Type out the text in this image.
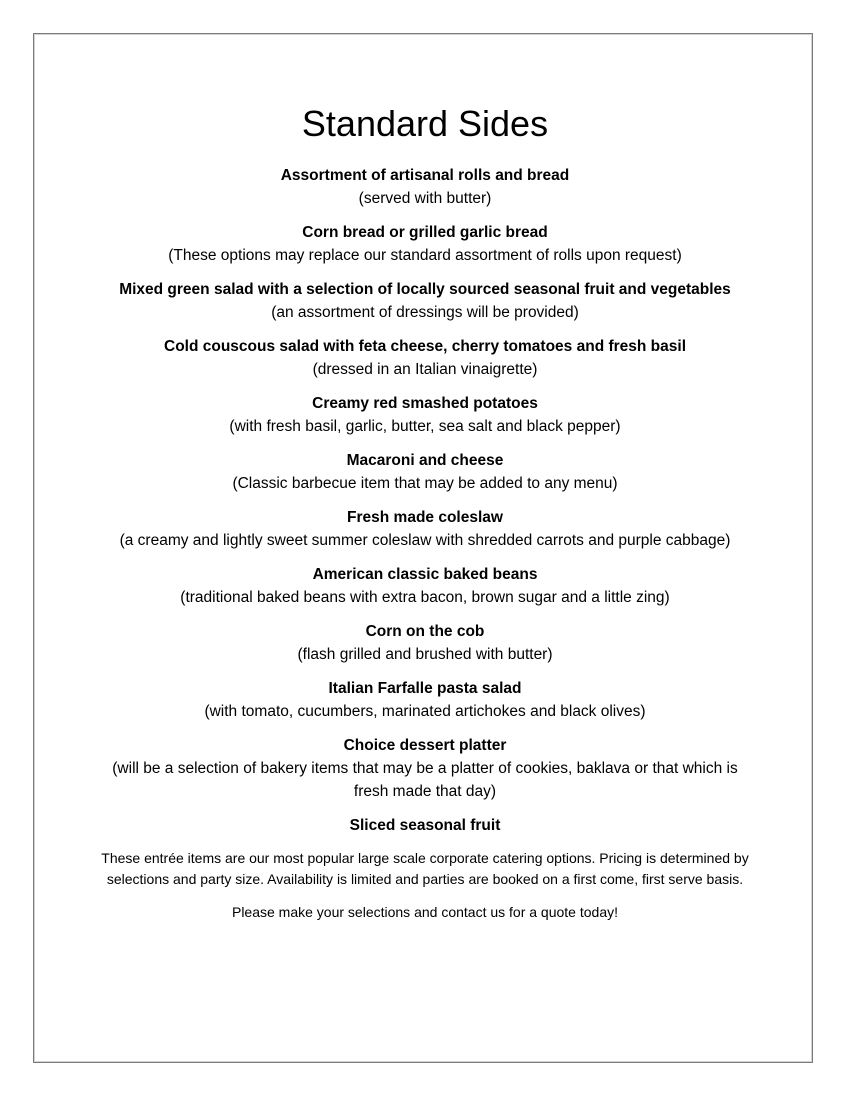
Standard Sides
Assortment of artisanal rolls and bread
(served with butter)
Corn bread or grilled garlic bread
(These options may replace our standard assortment of rolls upon request)
Mixed green salad with a selection of locally sourced seasonal fruit and vegetables
(an assortment of dressings will be provided)
Cold couscous salad with feta cheese, cherry tomatoes and fresh basil
(dressed in an Italian vinaigrette)
Creamy red smashed potatoes
(with fresh basil, garlic, butter, sea salt and black pepper)
Macaroni and cheese
(Classic barbecue item that may be added to any menu)
Fresh made coleslaw
(a creamy and lightly sweet summer coleslaw with shredded carrots and purple cabbage)
American classic baked beans
(traditional baked beans with extra bacon, brown sugar and a little zing)
Corn on the cob
(flash grilled and brushed with butter)
Italian Farfalle pasta salad
(with tomato, cucumbers, marinated artichokes and black olives)
Choice dessert platter
(will be a selection of bakery items that may be a platter of cookies, baklava or that which is fresh made that day)
Sliced seasonal fruit
These entrée items are our most popular large scale corporate catering options. Pricing is determined by selections and party size. Availability is limited and parties are booked on a first come, first serve basis.
Please make your selections and contact us for a quote today!
